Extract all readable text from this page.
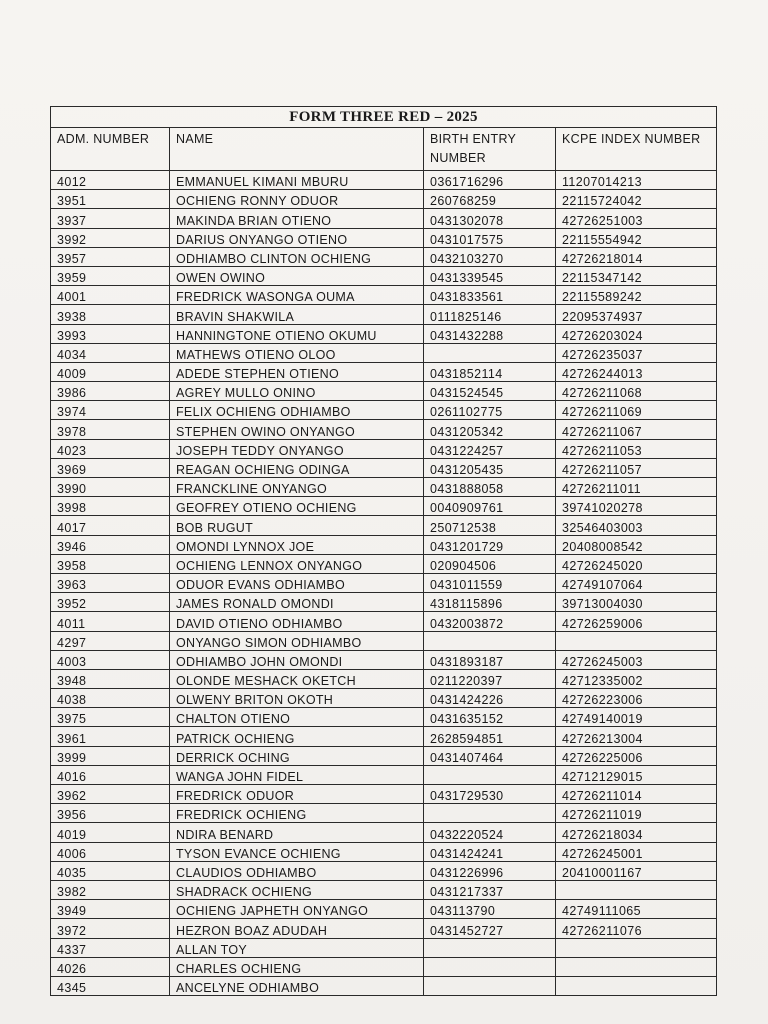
FORM THREE RED – 2025			
ADM. NUMBER	NAME	BIRTH ENTRY NUMBER	KCPE INDEX NUMBER
4012	EMMANUEL KIMANI MBURU	0361716296	11207014213
3951	OCHIENG RONNY ODUOR	260768259	22115724042
3937	MAKINDA BRIAN OTIENO	0431302078	42726251003
3992	DARIUS ONYANGO OTIENO	0431017575	22115554942
3957	ODHIAMBO CLINTON OCHIENG	0432103270	42726218014
3959	OWEN OWINO	0431339545	22115347142
4001	FREDRICK WASONGA OUMA	0431833561	22115589242
3938	BRAVIN SHAKWILA	0111825146	22095374937
3993	HANNINGTONE OTIENO OKUMU	0431432288	42726203024
4034	MATHEWS OTIENO OLOO		42726235037
4009	ADEDE STEPHEN OTIENO	0431852114	42726244013
3986	AGREY MULLO ONINO	0431524545	42726211068
3974	FELIX OCHIENG ODHIAMBO	0261102775	42726211069
3978	STEPHEN OWINO ONYANGO	0431205342	42726211067
4023	JOSEPH TEDDY ONYANGO	0431224257	42726211053
3969	REAGAN OCHIENG ODINGA	0431205435	42726211057
3990	FRANCKLINE ONYANGO	0431888058	42726211011
3998	GEOFREY OTIENO OCHIENG	0040909761	39741020278
4017	BOB RUGUT	250712538	32546403003
3946	OMONDI LYNNOX JOE	0431201729	20408008542
3958	OCHIENG LENNOX ONYANGO	020904506	42726245020
3963	ODUOR EVANS ODHIAMBO	0431011559	42749107064
3952	JAMES RONALD OMONDI	4318115896	39713004030
4011	DAVID OTIENO ODHIAMBO	0432003872	42726259006
4297	ONYANGO SIMON ODHIAMBO		
4003	ODHIAMBO JOHN OMONDI	0431893187	42726245003
3948	OLONDE MESHACK OKETCH	0211220397	42712335002
4038	OLWENY BRITON OKOTH	0431424226	42726223006
3975	CHALTON OTIENO	0431635152	42749140019
3961	PATRICK OCHIENG	2628594851	42726213004
3999	DERRICK OCHING	0431407464	42726225006
4016	WANGA JOHN FIDEL		42712129015
3962	FREDRICK ODUOR	0431729530	42726211014
3956	FREDRICK OCHIENG		42726211019
4019	NDIRA BENARD	0432220524	42726218034
4006	TYSON EVANCE OCHIENG	0431424241	42726245001
4035	CLAUDIOS ODHIAMBO	0431226996	20410001167
3982	SHADRACK OCHIENG	0431217337	
3949	OCHIENG JAPHETH ONYANGO	043113790	42749111065
3972	HEZRON BOAZ ADUDAH	0431452727	42726211076
4337	ALLAN TOY		
4026	CHARLES OCHIENG		
4345	ANCELYNE ODHIAMBO		
